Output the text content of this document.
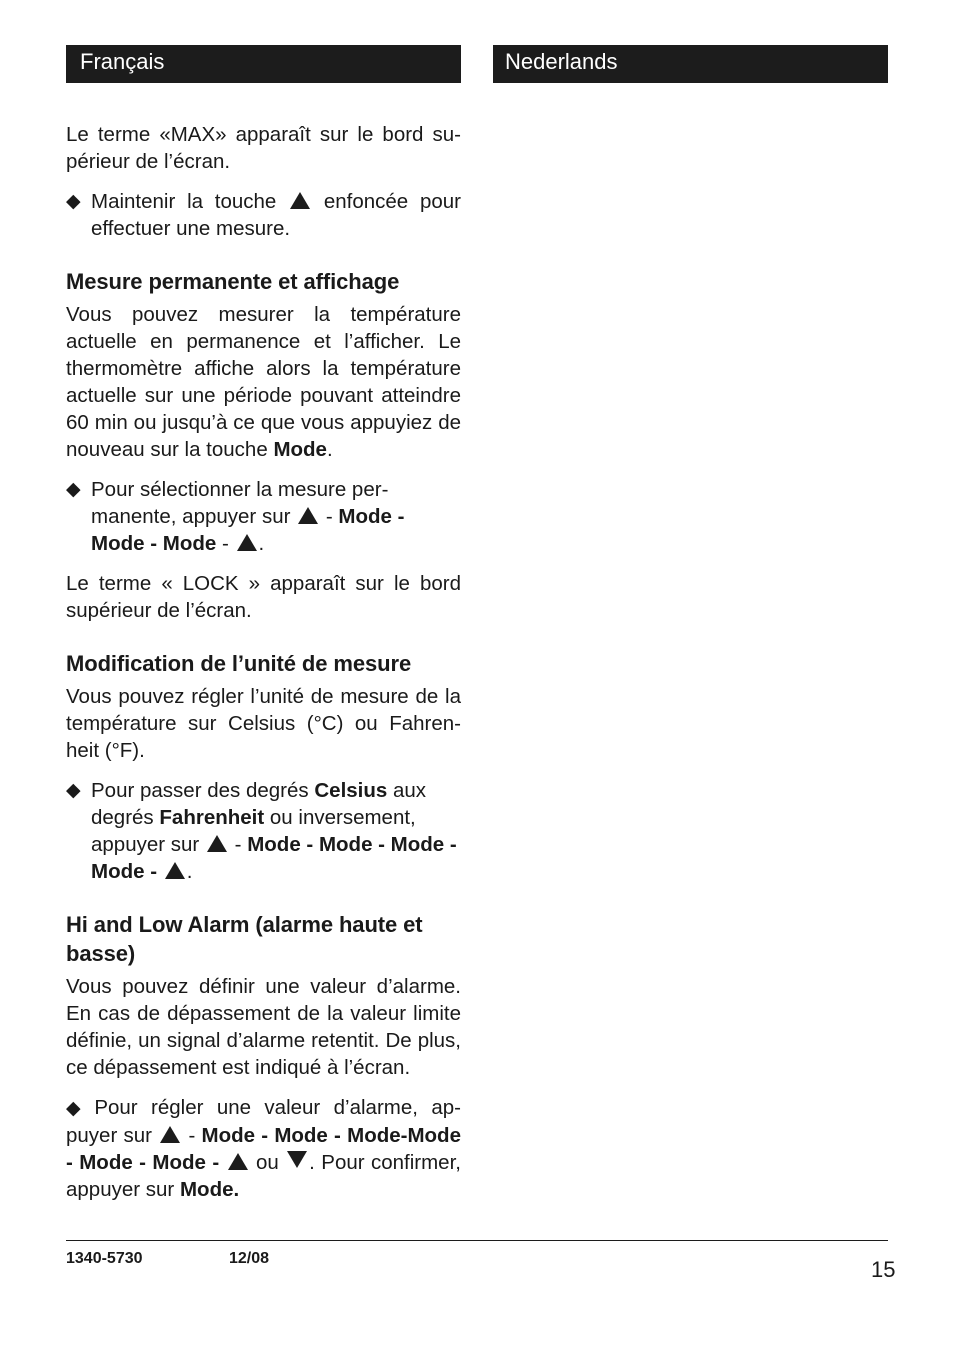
Français	Nederlands

Le terme «MAX» apparaît sur le bord su-périeur de l’écran.

◆ Maintenir la touche enfoncée pour effectuer une mesure.
Mesure permanente et affichage

Vous pouvez mesurer la température actuelle en permanence et l’afficher. Le thermomètre affiche alors la température actuelle sur une période pouvant atteindre 60 min ou jusqu’à ce que vous appuyiez de nouveau sur la touche Mode.

◆ Pour sélectionner la mesure per-manente, appuyer sur - Mode - Mode - Mode - .

Le terme « LOCK » apparaît sur le bord supérieur de l’écran.

Modification de l’unité de mesure

Vous pouvez régler l’unité de mesure de la température sur Celsius (°C) ou Fahren-heit (°F).

◆ Pour passer des degrés Celsius aux degrés Fahrenheit ou inversement, appuyer sur - Mode - Mode - Mode - Mode - .
Hi and Low Alarm (alarme haute et basse)

Vous pouvez définir une valeur d’alarme. En cas de dépassement de la valeur limite définie, un signal d’alarme retentit. De plus, ce dépassement est indiqué à l’écran.

◆ Pour régler une valeur d’alarme, ap-puyer sur - Mode - Mode - Mode-Mode - Mode - Mode - ou . Pour confirmer, appuyer sur Mode.
1340-5730	12/08	15
